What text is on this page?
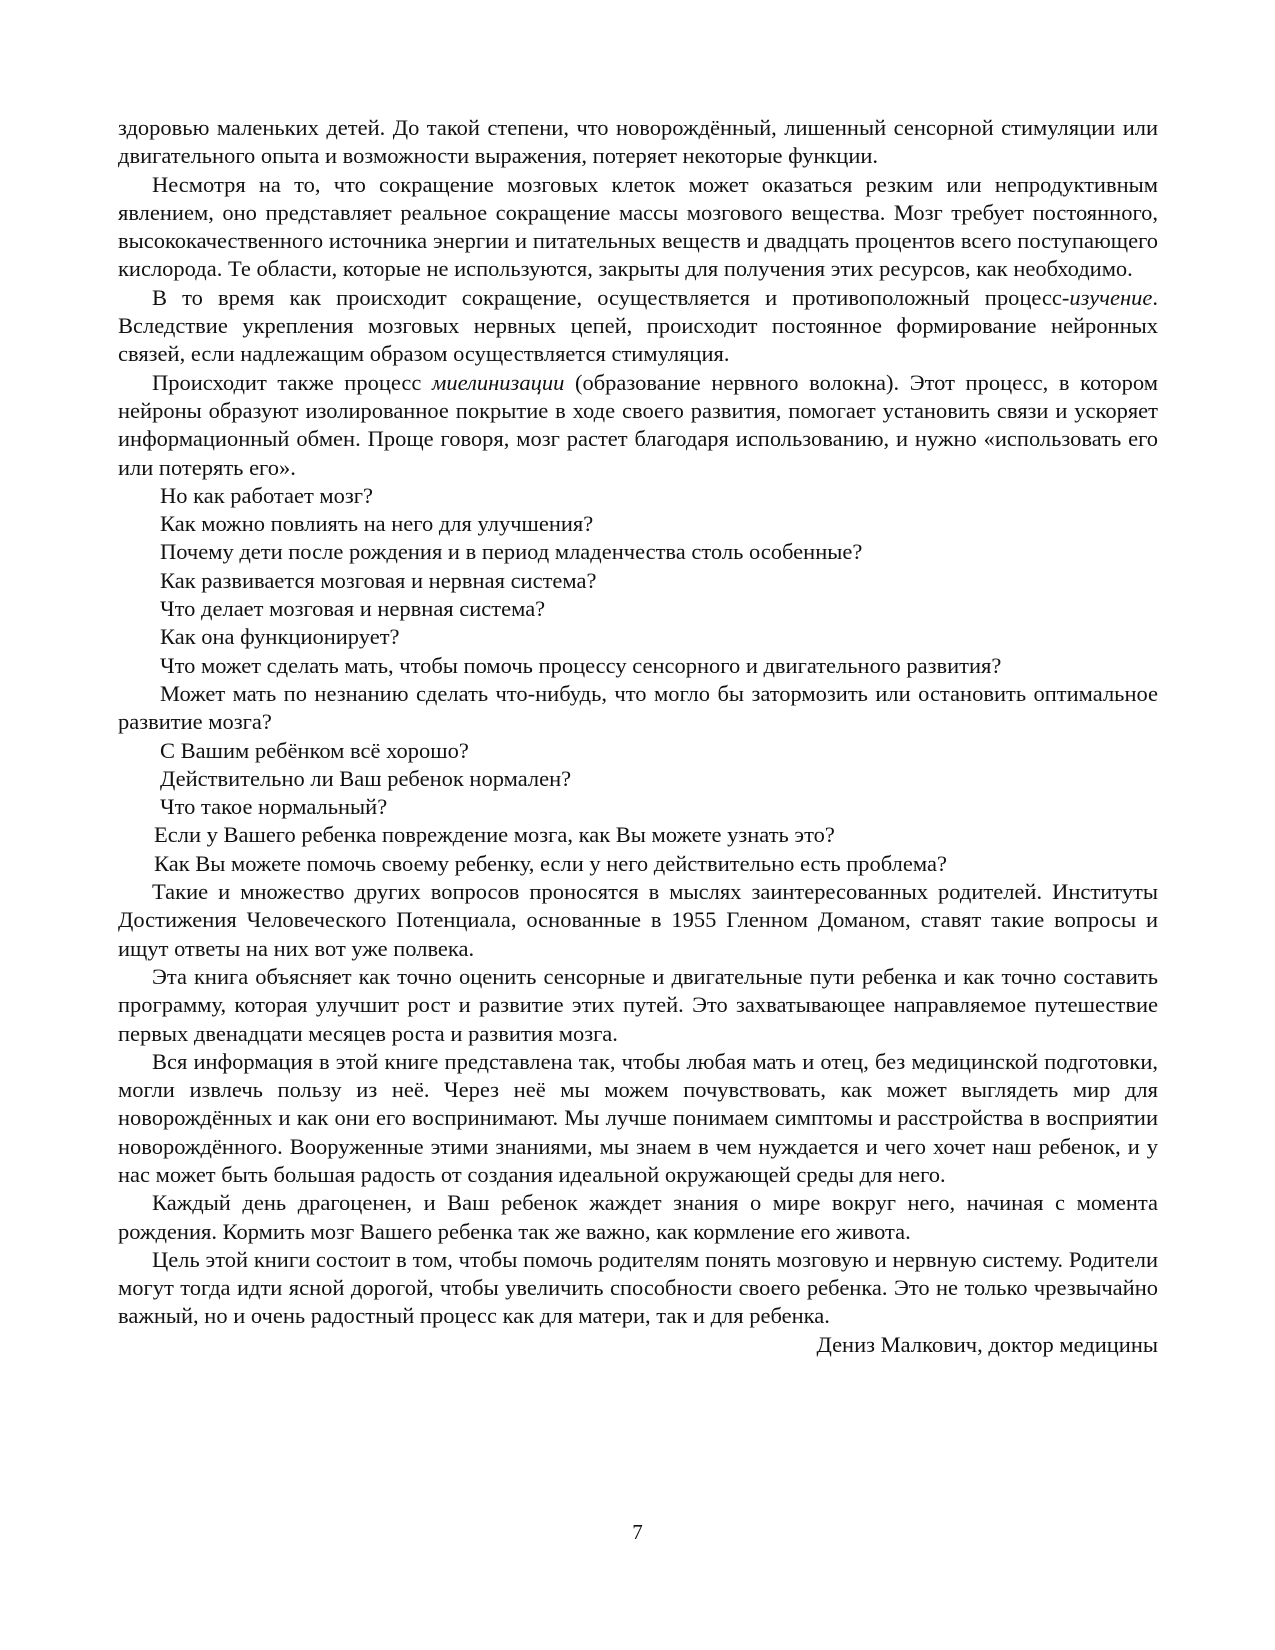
здоровью маленьких детей. До такой степени, что новорождённый, лишенный сенсорной стимуляции или двигательного опыта и возможности выражения, потеряет некоторые функции.

Несмотря на то, что сокращение мозговых клеток может оказаться резким или непродуктивным явлением, оно представляет реальное сокращение массы мозгового вещества. Мозг требует постоянного, высококачественного источника энергии и питательных веществ и двадцать процентов всего поступающего кислорода. Те области, которые не используются, закрыты для получения этих ресурсов, как необходимо.

В то время как происходит сокращение, осуществляется и противоположный процесс-изучение. Вследствие укрепления мозговых нервных цепей, происходит постоянное формирование нейронных связей, если надлежащим образом осуществляется стимуляция.

Происходит также процесс миелинизации (образование нервного волокна). Этот процесс, в котором нейроны образуют изолированное покрытие в ходе своего развития, помогает установить связи и ускоряет информационный обмен. Проще говоря, мозг растет благодаря использованию, и нужно «использовать его или потерять его».

Но как работает мозг?

Как можно повлиять на него для улучшения?

Почему дети после рождения и в период младенчества столь особенные?

Как развивается мозговая и нервная система?

Что делает мозговая и нервная система?

Как она функционирует?

Что может сделать мать, чтобы помочь процессу сенсорного и двигательного развития?

Может мать по незнанию сделать что-нибудь, что могло бы затормозить или остановить оптимальное развитие мозга?

С Вашим ребёнком всё хорошо?

Действительно ли Ваш ребенок нормален?

Что такое нормальный?

Если у Вашего ребенка повреждение мозга, как Вы можете узнать это?

Как Вы можете помочь своему ребенку, если у него действительно есть проблема?

Такие и множество других вопросов проносятся в мыслях заинтересованных родителей. Институты Достижения Человеческого Потенциала, основанные в 1955 Гленном Доманом, ставят такие вопросы и ищут ответы на них вот уже полвека.

Эта книга объясняет как точно оценить сенсорные и двигательные пути ребенка и как точно составить программу, которая улучшит рост и развитие этих путей. Это захватывающее направляемое путешествие первых двенадцати месяцев роста и развития мозга.

Вся информация в этой книге представлена так, чтобы любая мать и отец, без медицинской подготовки, могли извлечь пользу из неё. Через неё мы можем почувствовать, как может выглядеть мир для новорождённых и как они его воспринимают. Мы лучше понимаем симптомы и расстройства в восприятии новорождённого. Вооруженные этими знаниями, мы знаем в чем нуждается и чего хочет наш ребенок, и у нас может быть большая радость от создания идеальной окружающей среды для него.

Каждый день драгоценен, и Ваш ребенок жаждет знания о мире вокруг него, начиная с момента рождения. Кормить мозг Вашего ребенка так же важно, как кормление его живота.

Цель этой книги состоит в том, чтобы помочь родителям понять мозговую и нервную систему. Родители могут тогда идти ясной дорогой, чтобы увеличить способности своего ребенка. Это не только чрезвычайно важный, но и очень радостный процесс как для матери, так и для ребенка.

Дениз Малкович, доктор медицины

7
